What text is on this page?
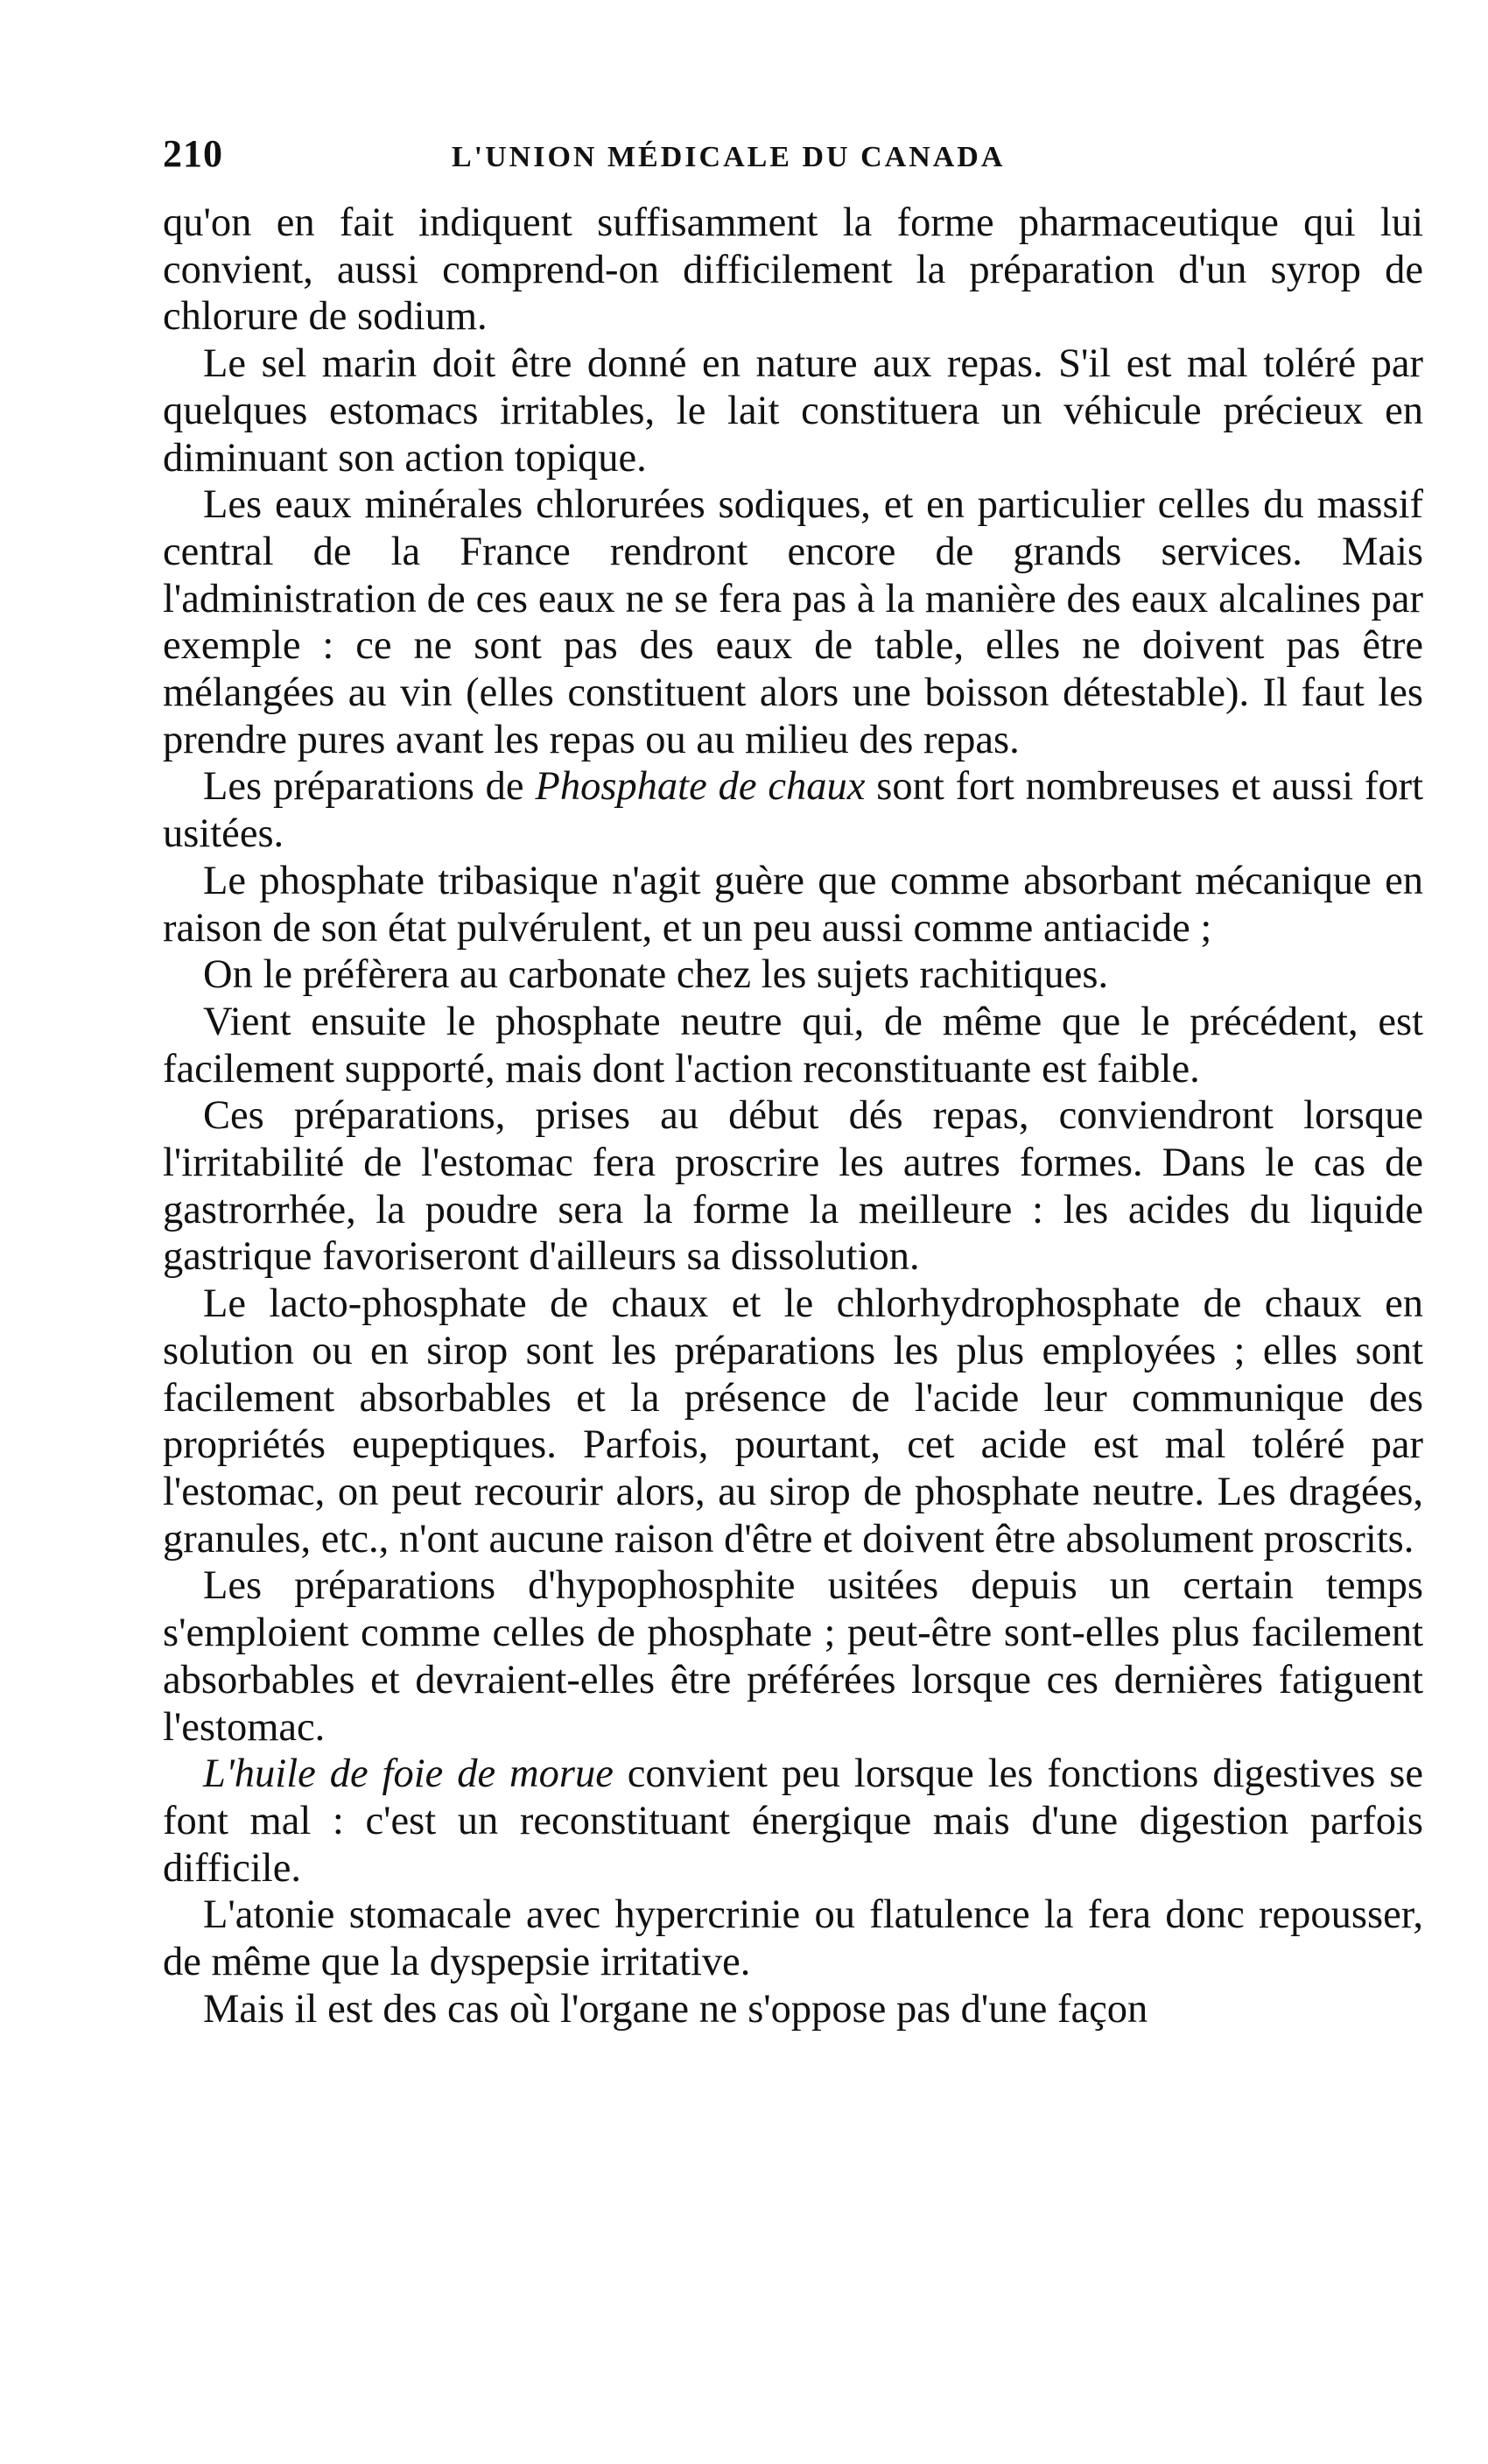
210	L'UNION MÉDICALE DU CANADA

qu'on en fait indiquent suffisamment la forme pharmaceutique qui lui convient, aussi comprend-on difficilement la préparation d'un syrop de chlorure de sodium.

Le sel marin doit être donné en nature aux repas. S'il est mal toléré par quelques estomacs irritables, le lait constituera un véhicule précieux en diminuant son action topique.

Les eaux minérales chlorurées sodiques, et en particulier celles du massif central de la France rendront encore de grands services. Mais l'administration de ces eaux ne se fera pas à la manière des eaux alcalines par exemple : ce ne sont pas des eaux de table, elles ne doivent pas être mélangées au vin (elles constituent alors une boisson détestable). Il faut les prendre pures avant les repas ou au milieu des repas.

Les préparations de Phosphate de chaux sont fort nombreuses et aussi fort usitées.

Le phosphate tribasique n'agit guère que comme absorbant mécanique en raison de son état pulvérulent, et un peu aussi comme antiacide ;

On le préfèrera au carbonate chez les sujets rachitiques.

Vient ensuite le phosphate neutre qui, de même que le précédent, est facilement supporté, mais dont l'action reconstituante est faible.

Ces préparations, prises au début dés repas, conviendront lorsque l'irritabilité de l'estomac fera proscrire les autres formes. Dans le cas de gastrorrhée, la poudre sera la forme la meilleure : les acides du liquide gastrique favoriseront d'ailleurs sa dissolution.

Le lacto-phosphate de chaux et le chlorhydrophosphate de chaux en solution ou en sirop sont les préparations les plus employées ; elles sont facilement absorbables et la présence de l'acide leur communique des propriétés eupeptiques. Parfois, pourtant, cet acide est mal toléré par l'estomac, on peut recourir alors, au sirop de phosphate neutre. Les dragées, granules, etc., n'ont aucune raison d'être et doivent être absolument proscrits.

Les préparations d'hypophosphite usitées depuis un certain temps s'emploient comme celles de phosphate ; peut-être sont-elles plus facilement absorbables et devraient-elles être préférées lorsque ces dernières fatiguent l'estomac.

L'huile de foie de morue convient peu lorsque les fonctions digestives se font mal : c'est un reconstituant énergique mais d'une digestion parfois difficile.

L'atonie stomacale avec hypercrinie ou flatulence la fera donc repousser, de même que la dyspepsie irritative.

Mais il est des cas où l'organe ne s'oppose pas d'une façon
